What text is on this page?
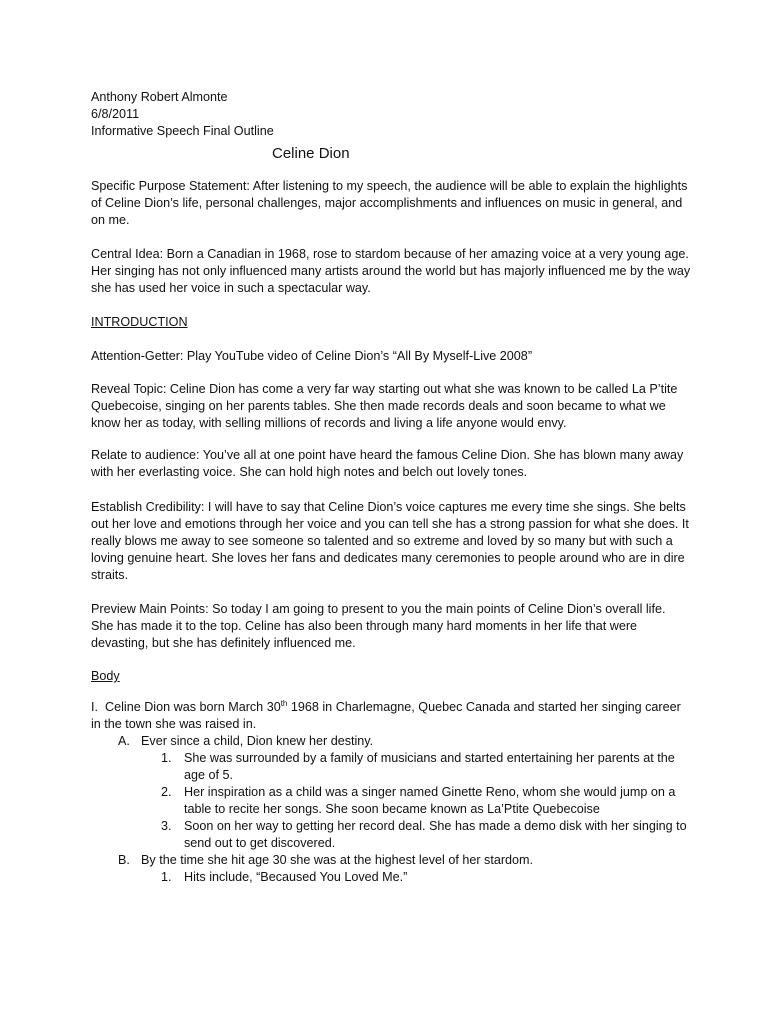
Anthony Robert Almonte
6/8/2011
Informative Speech Final Outline
Celine Dion

Specific Purpose Statement: After listening to my speech, the audience will be able to explain the highlights of Celine Dion’s life, personal challenges, major accomplishments and influences on music in general, and on me.

Central Idea: Born a Canadian in 1968, rose to stardom because of her amazing voice at a very young age. Her singing has not only influenced many artists around the world but has majorly influenced me by the way she has used her voice in such a spectacular way.

INTRODUCTION

Attention-Getter: Play YouTube video of Celine Dion’s “All By Myself-Live 2008”

Reveal Topic: Celine Dion has come a very far way starting out what she was known to be called La P’tite Quebecoise, singing on her parents tables. She then made records deals and soon became to what we know her as today, with selling millions of records and living a life anyone would envy.

Relate to audience: You’ve all at one point have heard the famous Celine Dion. She has blown many away with her everlasting voice. She can hold high notes and belch out lovely tones.

Establish Credibility: I will have to say that Celine Dion’s voice captures me every time she sings. She belts out her love and emotions through her voice and you can tell she has a strong passion for what she does. It really blows me away to see someone so talented and so extreme and loved by so many but with such a loving genuine heart. She loves her fans and dedicates many ceremonies to people around who are in dire straits.

Preview Main Points: So today I am going to present to you the main points of Celine Dion’s overall life. She has made it to the top. Celine has also been through many hard moments in her life that were devasting, but she has definitely influenced me.

Body
I. Celine Dion was born March 30th 1968 in Charlemagne, Quebec Canada and started her singing career in the town she was raised in.
A. Ever since a child, Dion knew her destiny.
1. She was surrounded by a family of musicians and started entertaining her parents at the age of 5.
2. Her inspiration as a child was a singer named Ginette Reno, whom she would jump on a table to recite her songs. She soon became known as La’Ptite Quebecoise
3. Soon on her way to getting her record deal. She has made a demo disk with her singing to send out to get discovered.
B. By the time she hit age 30 she was at the highest level of her stardom.
1. Hits include, “Becaused You Loved Me.”
